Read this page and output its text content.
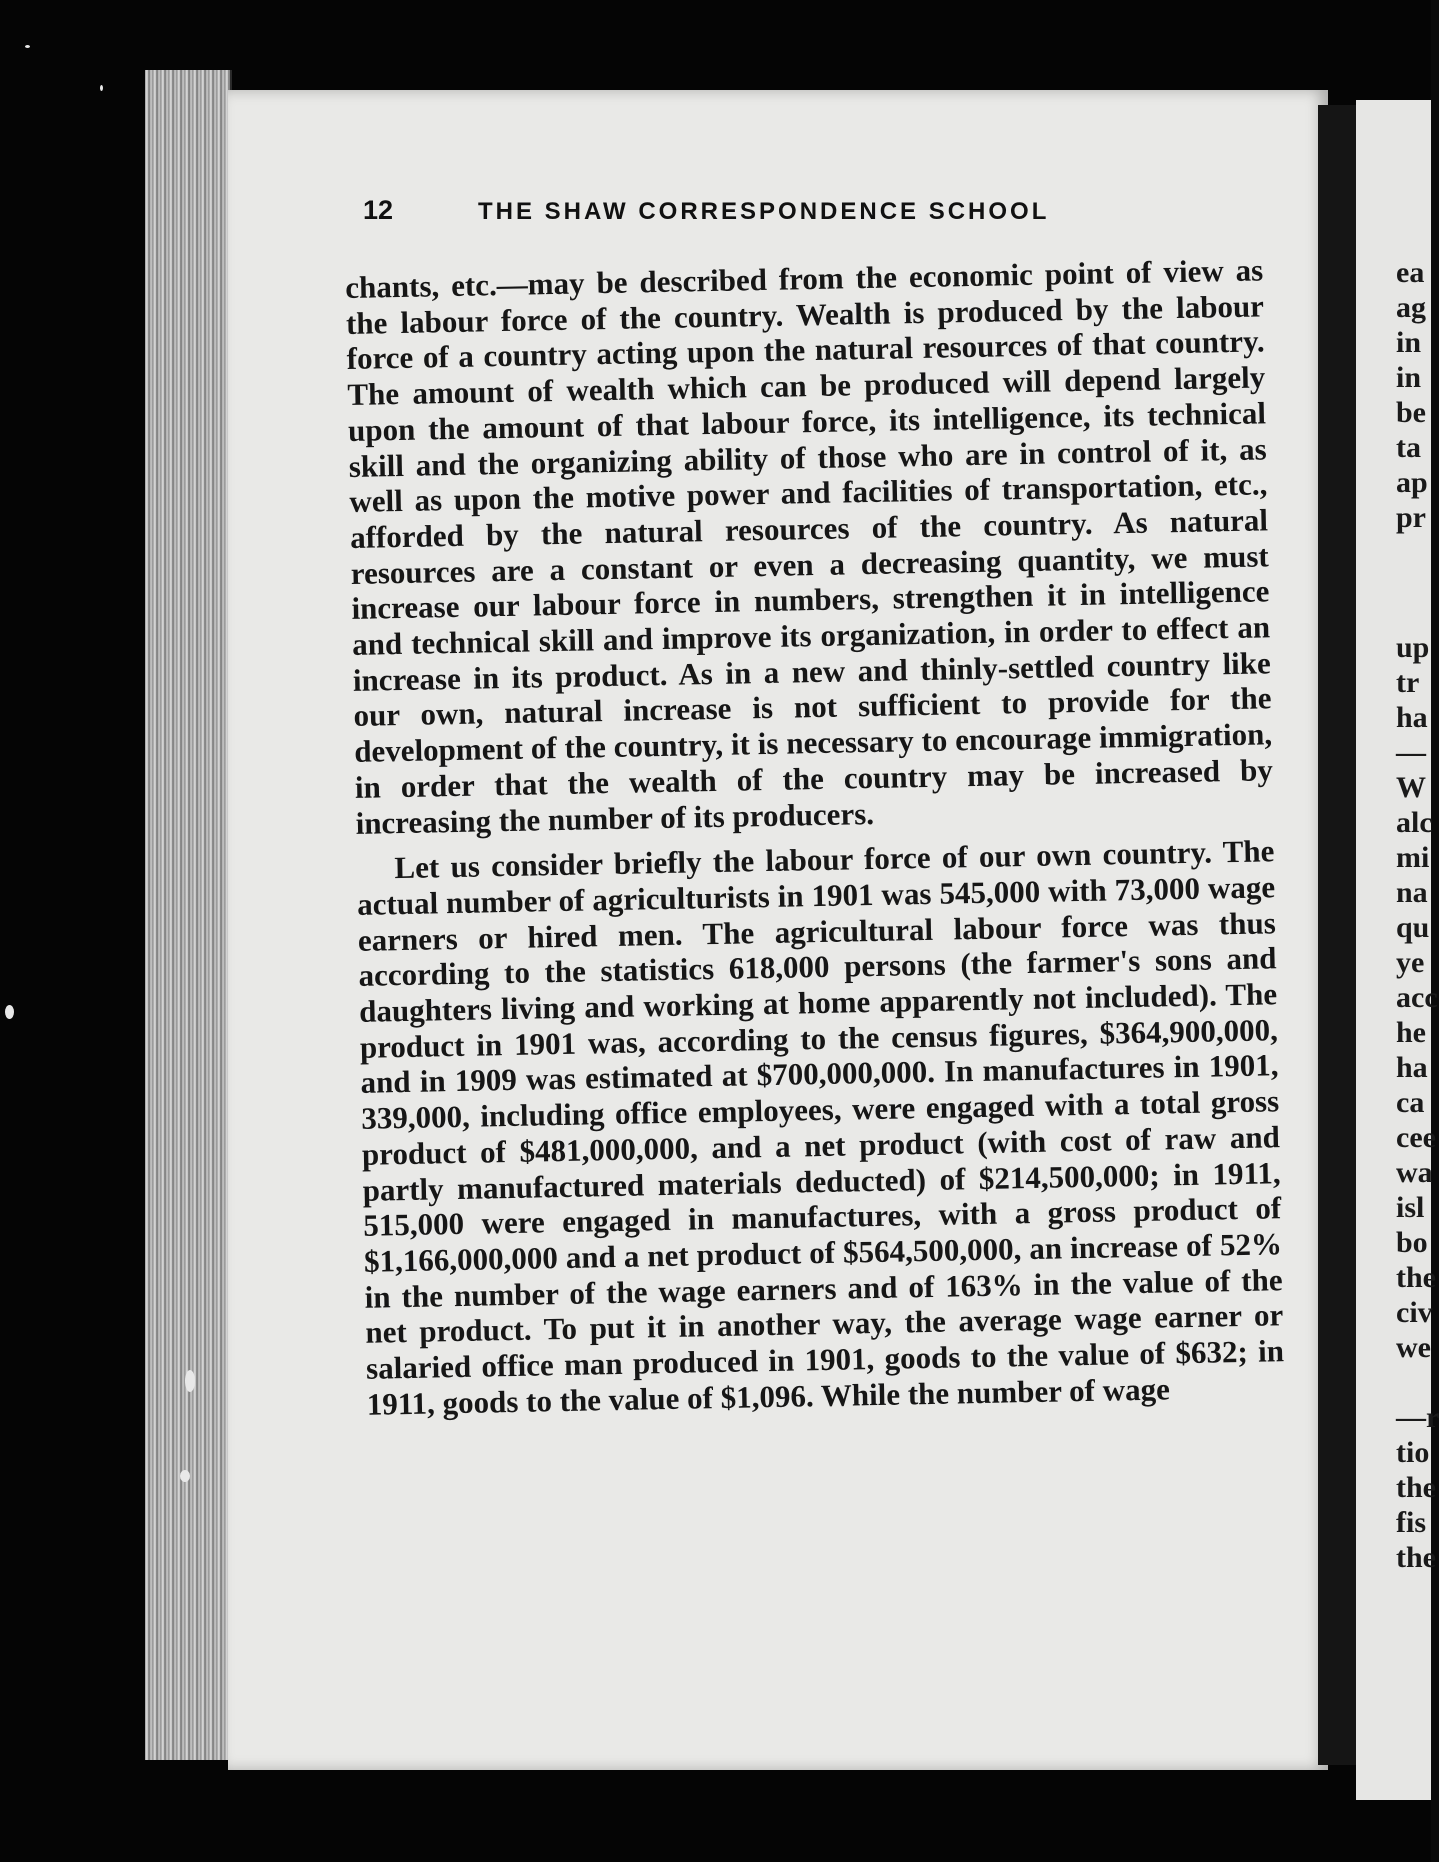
12	THE SHAW CORRESPONDENCE SCHOOL

chants, etc.—may be described from the economic point of view as the labour force of the country. Wealth is produced by the labour force of a country acting upon the natural resources of that country. The amount of wealth which can be produced will depend largely upon the amount of that labour force, its intelligence, its technical skill and the organizing ability of those who are in control of it, as well as upon the motive power and facilities of transportation, etc., afforded by the natural resources of the country. As natural resources are a constant or even a decreasing quantity, we must increase our labour force in numbers, strengthen it in intelligence and technical skill and improve its organization, in order to effect an increase in its product. As in a new and thinly-settled country like our own, natural increase is not sufficient to provide for the development of the country, it is necessary to encourage immigration, in order that the wealth of the country may be increased by increasing the number of its producers.

Let us consider briefly the labour force of our own country. The actual number of agriculturists in 1901 was 545,000 with 73,000 wage earners or hired men. The agricultural labour force was thus according to the statistics 618,000 persons (the farmer's sons and daughters living and working at home apparently not included). The product in 1901 was, according to the census figures, $364,900,000, and in 1909 was estimated at $700,000,000. In manufactures in 1901, 339,000, including office employees, were engaged with a total gross product of $481,000,000, and a net product (with cost of raw and partly manufactured materials deducted) of $214,500,000; in 1911, 515,000 were engaged in manufactures, with a gross product of $1,166,000,000 and a net product of $564,500,000, an increase of 52% in the number of the wage earners and of 163% in the value of the net product. To put it in another way, the average wage earner or salaried office man produced in 1901, goods to the value of $632; in 1911, goods to the value of $1,096. While the number of wage

ea
ag
in
in
be
ta
ap
pr
up
tr
ha
—
W
alc
mi
na
qu
ye
acc
he
ha
ca
cee
wa
isl
bo
the
civ
we
—r
tio
the
fis
the
